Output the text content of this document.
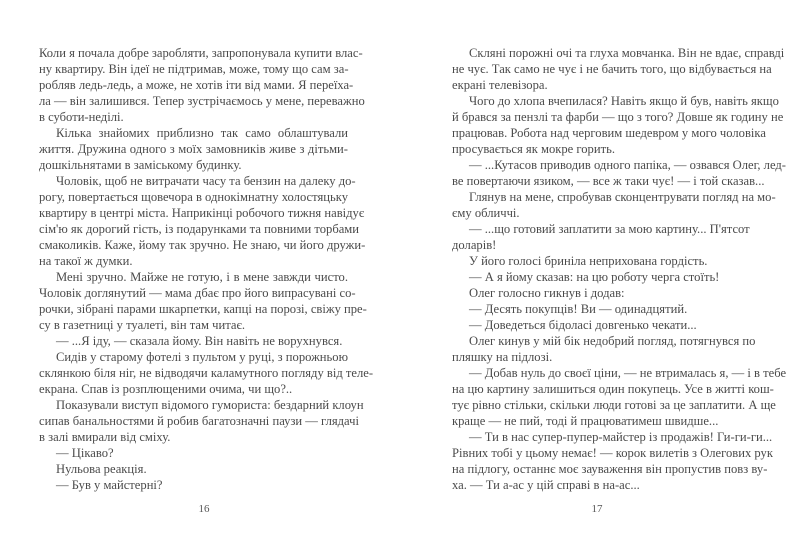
Коли я почала добре заробляти, запропонувала купити влас-
ну квартиру. Він ідеї не підтримав, може, тому що сам за-
робляв ледь-ледь, а може, не хотів іти від мами. Я переїха-
ла — він залишився. Тепер зустрічаємось у мене, переважно
в суботи-неділі.
Кілька знайомих приблизно так само облаштували
життя. Дружина одного з моїх замовників живе з дітьми-
дошкільнятами в заміському будинку.
Чоловік, щоб не витрачати часу та бензин на далеку до-
рогу, повертається щовечора в однокімнатну холостяцьку
квартиру в центрі міста. Наприкінці робочого тижня навідує
сім'ю як дорогий гість, із подарунками та повними торбами
смаколиків. Каже, йому так зручно. Не знаю, чи його дружи-
на такої ж думки.
Мені зручно. Майже не готую, і в мене завжди чисто.
Чоловік доглянутий — мама дбає про його випрасувані со-
рочки, зібрані парами шкарпетки, капці на порозі, свіжу пре-
су в газетниці у туалеті, він там читає.
— ...Я іду, — сказала йому. Він навіть не ворухнувся.
Сидів у старому фотелі з пультом у руці, з порожньою
склянкою біля ніг, не відводячи каламутного погляду від теле-
екрана. Спав із розплющеними очима, чи що?..
Показували виступ відомого гумориста: бездарний клоун
сипав банальностями й робив багатозначні паузи — глядачі
в залі вмирали від сміху.
— Цікаво?
Нульова реакція.
— Був у майстерні?
Скляні порожні очі та глуха мовчанка. Він не вдає, справді
не чує. Так само не чує і не бачить того, що відбувається на
екрані телевізора.
Чого до хлопа вчепилася? Навіть якщо й був, навіть якщо
й брався за пензлі та фарби — що з того? Довше як годину не
працював. Робота над черговим шедевром у мого чоловіка
просувається як мокре горить.
— ...Кутасов приводив одного папіка, — озвався Олег, лед-
ве повертаючи язиком, — все ж таки чує! — і той сказав...
Глянув на мене, спробував сконцентрувати погляд на мо-
єму обличчі.
— ...що готовий заплатити за мою картину... П'ятсот
доларів!
У його голосі бриніла неприхована гордість.
— А я йому сказав: на цю роботу черга стоїть!
Олег голосно гикнув і додав:
— Десять покупців! Ви — одинадцятий.
— Доведеться бідоласі довгенько чекати...
Олег кинув у мій бік недобрий погляд, потягнувся по
пляшку на підлозі.
— Добав нуль до своєї ціни, — не втрималась я, — і в тебе
на цю картину залишиться один покупець. Усе в житті кош-
тує рівно стільки, скільки люди готові за це заплатити. А ще
краще — не пий, тоді й працюватимеш швидше...
— Ти в нас супер-пупер-майстер із продажів! Ги-ги-ги...
Рівних тобі у цьому немає! — корок вилетів з Олегових рук
на підлогу, останнє моє зауваження він пропустив повз ву-
ха. — Ти а-ас у цій справі в на-ас...
16	17
